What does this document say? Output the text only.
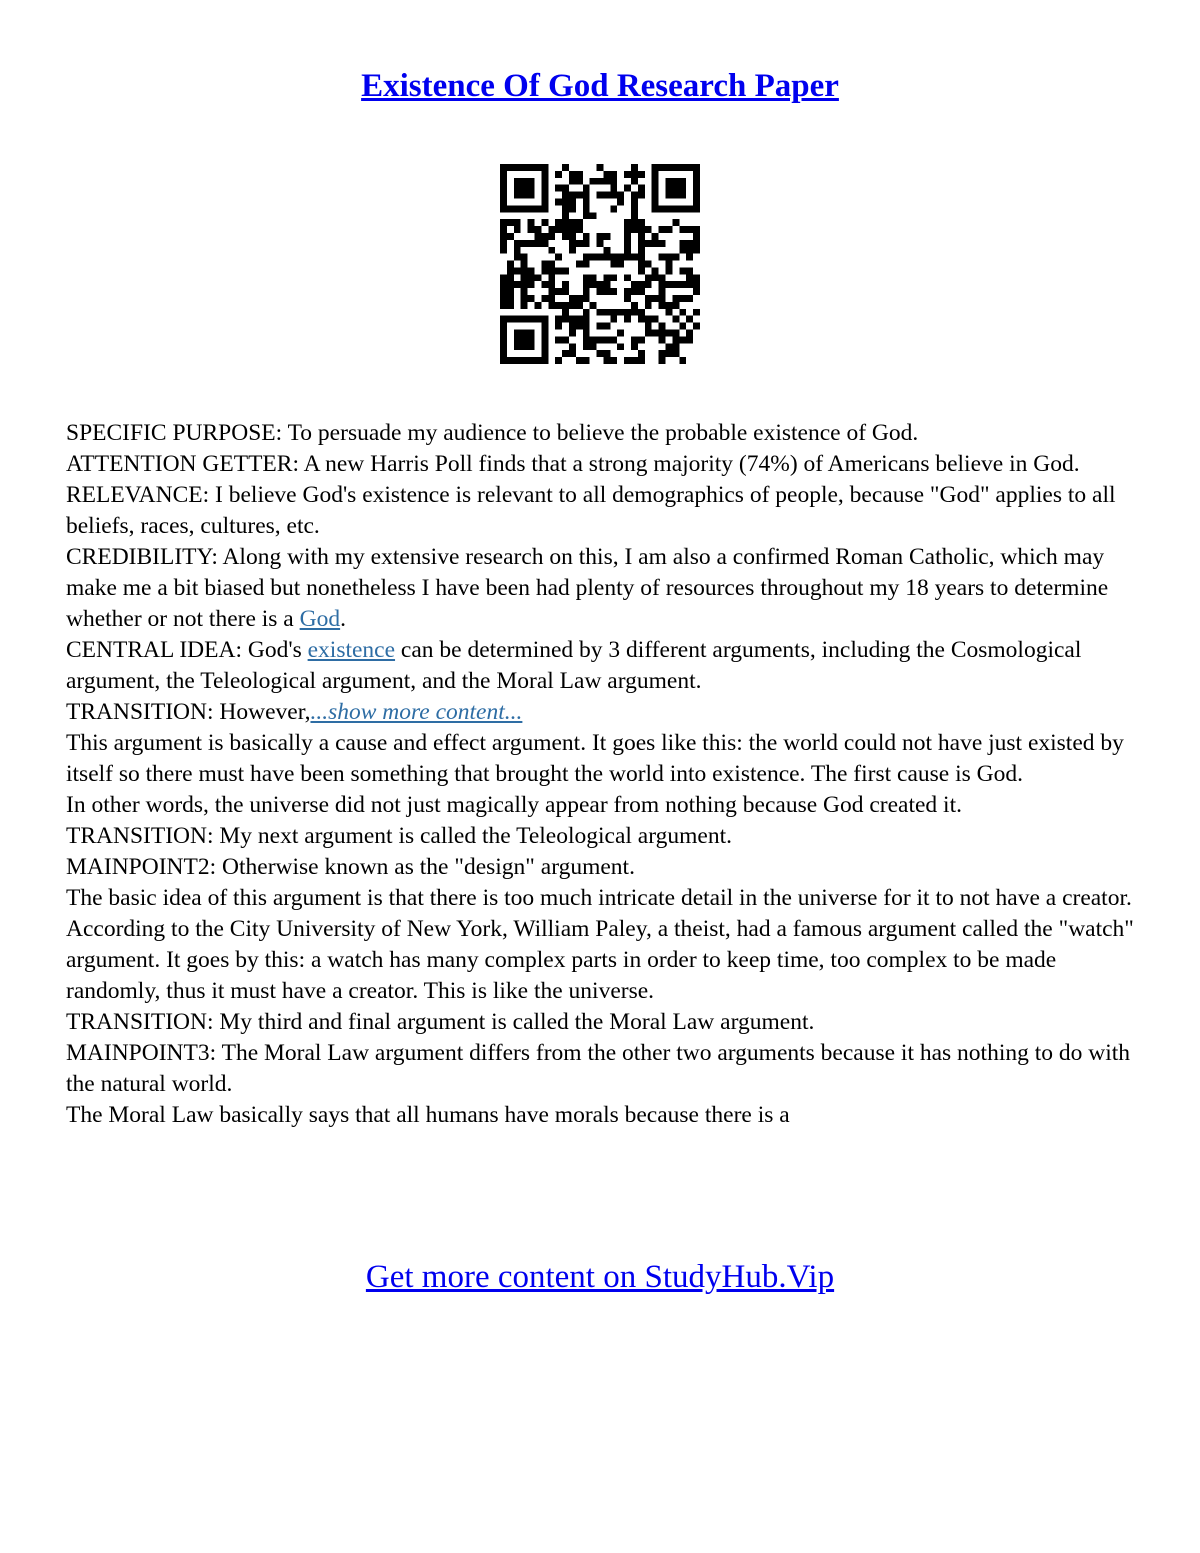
Existence Of God Research Paper

SPECIFIC PURPOSE: To persuade my audience to believe the probable existence of God.

ATTENTION GETTER: A new Harris Poll finds that a strong majority (74%) of Americans believe in God.

RELEVANCE: I believe God's existence is relevant to all demographics of people, because "God" applies to all beliefs, races, cultures, etc.

CREDIBILITY: Along with my extensive research on this, I am also a confirmed Roman Catholic, which may make me a bit biased but nonetheless I have been had plenty of resources throughout my 18 years to determine whether or not there is a God.

CENTRAL IDEA: God's existence can be determined by 3 different arguments, including the Cosmological argument, the Teleological argument, and the Moral Law argument.

TRANSITION: However,...show more content...

This argument is basically a cause and effect argument. It goes like this: the world could not have just existed by itself so there must have been something that brought the world into existence. The first cause is God.

In other words, the universe did not just magically appear from nothing because God created it.

TRANSITION: My next argument is called the Teleological argument.

MAINPOINT2: Otherwise known as the "design" argument.

The basic idea of this argument is that there is too much intricate detail in the universe for it to not have a creator.

According to the City University of New York, William Paley, a theist, had a famous argument called the "watch" argument. It goes by this: a watch has many complex parts in order to keep time, too complex to be made randomly, thus it must have a creator. This is like the universe.

TRANSITION: My third and final argument is called the Moral Law argument.

MAINPOINT3: The Moral Law argument differs from the other two arguments because it has nothing to do with the natural world.

The Moral Law basically says that all humans have morals because there is a

Get more content on StudyHub.Vip
